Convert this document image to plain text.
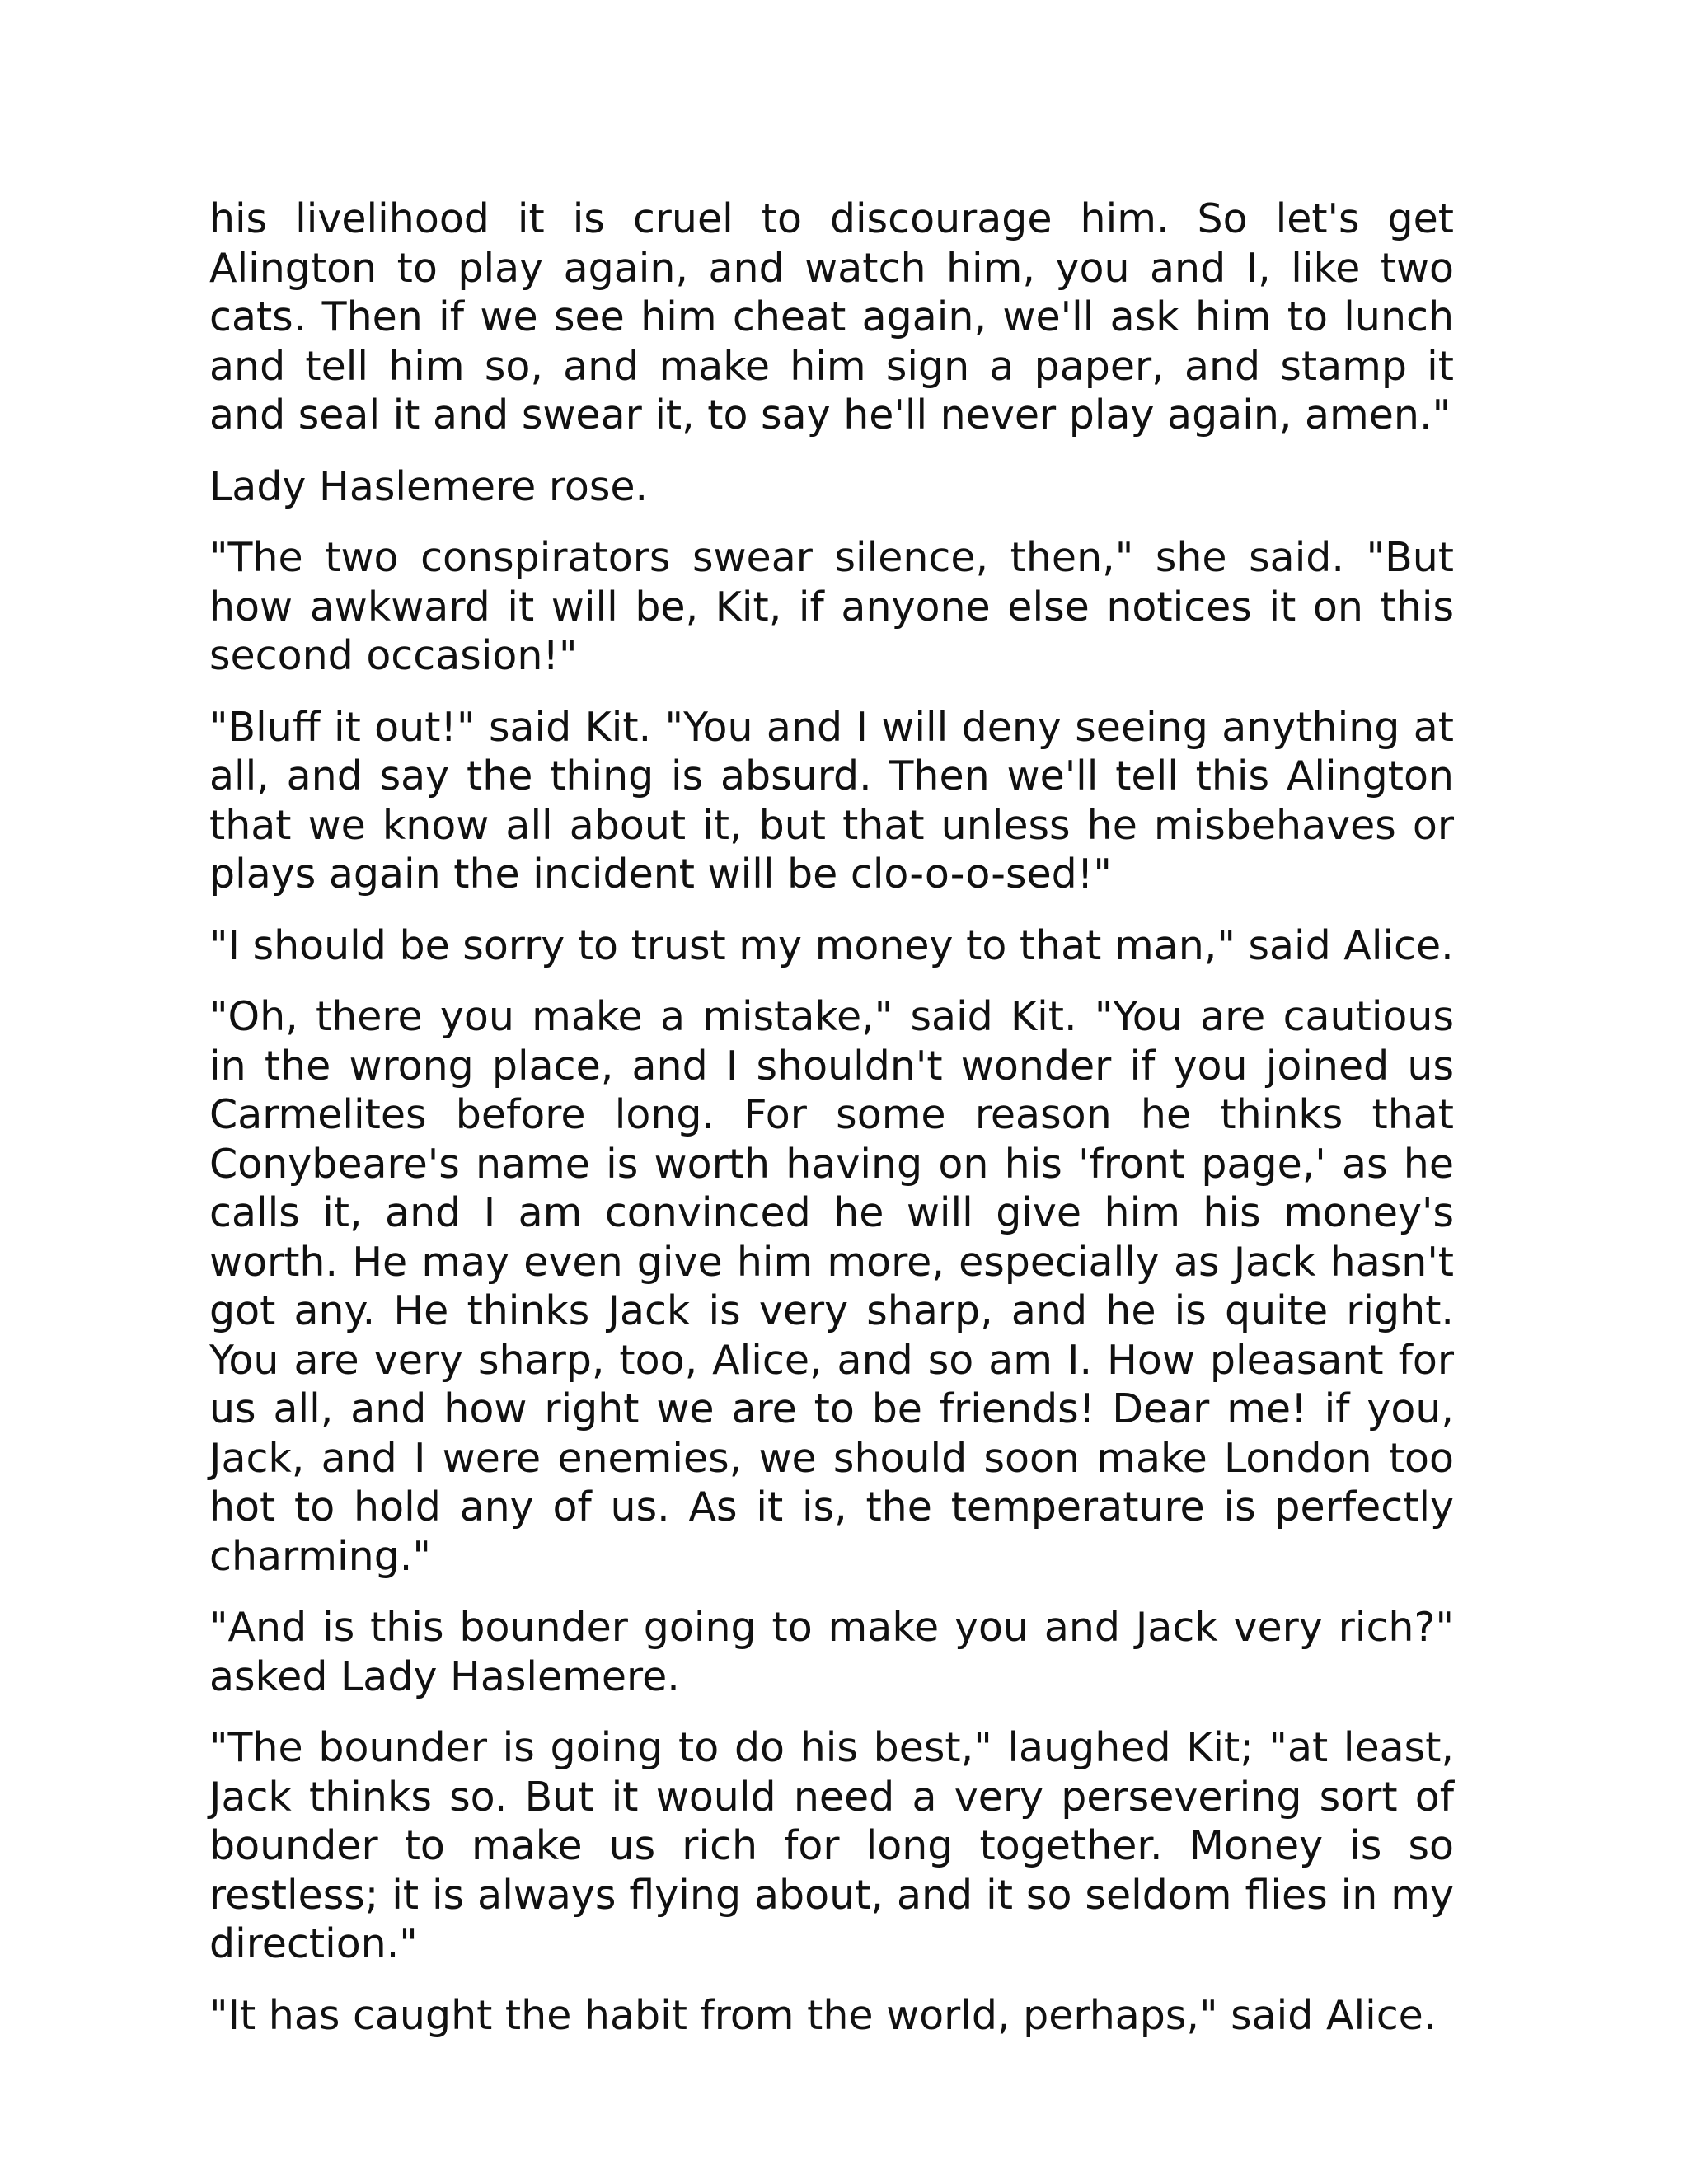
his livelihood it is cruel to discourage him. So let's get Alington to play again, and watch him, you and I, like two cats. Then if we see him cheat again, we'll ask him to lunch and tell him so, and make him sign a paper, and stamp it and seal it and swear it, to say he'll never play again, amen."

Lady Haslemere rose.

"The two conspirators swear silence, then," she said. "But how awkward it will be, Kit, if anyone else notices it on this second occasion!"

"Bluff it out!" said Kit. "You and I will deny seeing anything at all, and say the thing is absurd. Then we'll tell this Alington that we know all about it, but that unless he misbehaves or plays again the incident will be clo-o-o-sed!"

"I should be sorry to trust my money to that man," said Alice.

"Oh, there you make a mistake," said Kit. "You are cautious in the wrong place, and I shouldn't wonder if you joined us Carmelites before long. For some reason he thinks that Conybeare's name is worth having on his 'front page,' as he calls it, and I am convinced he will give him his money's worth. He may even give him more, especially as Jack hasn't got any. He thinks Jack is very sharp, and he is quite right. You are very sharp, too, Alice, and so am I. How pleasant for us all, and how right we are to be friends! Dear me! if you, Jack, and I were enemies, we should soon make London too hot to hold any of us. As it is, the temperature is perfectly charming."

"And is this bounder going to make you and Jack very rich?" asked Lady Haslemere.

"The bounder is going to do his best," laughed Kit; "at least, Jack thinks so. But it would need a very persevering sort of bounder to make us rich for long together. Money is so restless; it is always flying about, and it so seldom flies in my direction."

"It has caught the habit from the world, perhaps," said Alice.
